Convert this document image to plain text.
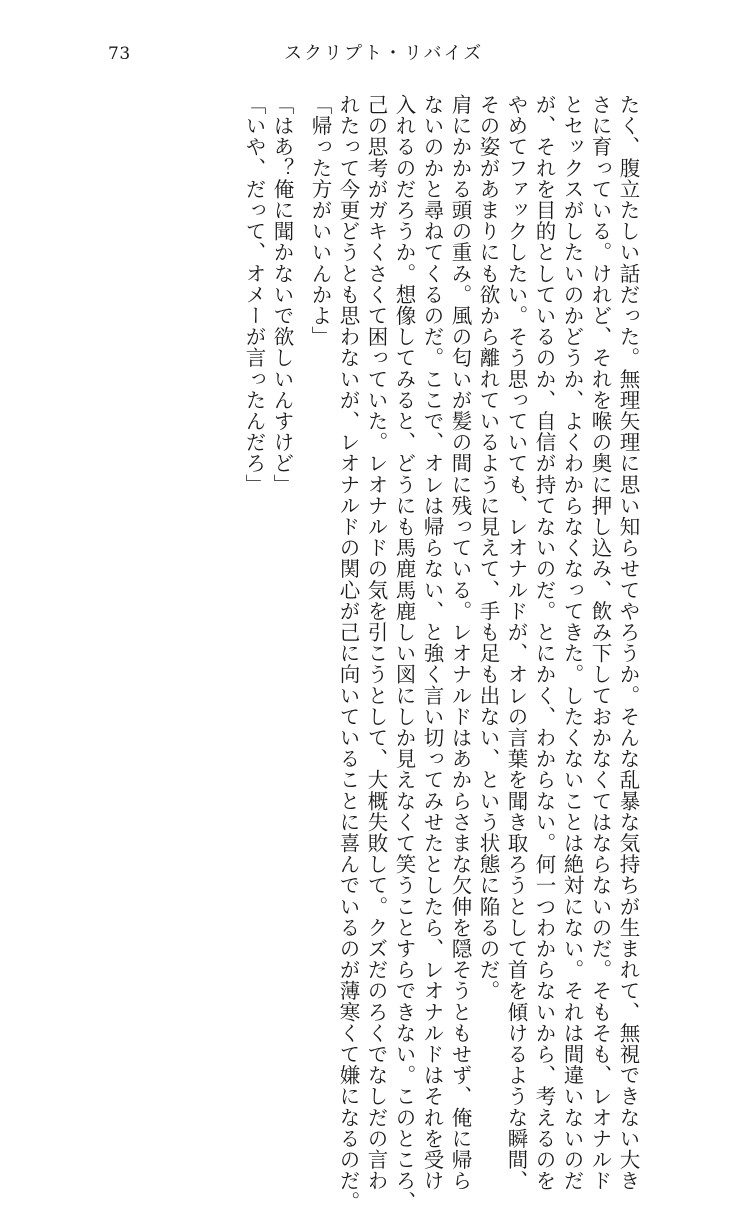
73	スクリプト・リバイズ

たく、腹立たしい話だった。無理矢理に思い知らせてやろうか。そんな乱暴な気持ちが生まれて、無視できない大き

さに育っている。けれど、それを喉の奥に押し込み、飲み下しておかなくてはならないのだ。そもそも、レオナルド

とセックスがしたいのかどうか、よくわからなくなってきた。したくないことは絶対にない。それは間違いないのだ

が、それを目的としているのか、自信が持てないのだ。とにかく、わからない。何一つわからないから、考えるのを

やめてファックしたい。そう思っていても、レオナルドが、オレの言葉を聞き取ろうとして首を傾けるような瞬間、

その姿があまりにも欲から離れているように見えて、手も足も出ない、という状態に陥るのだ。

肩にかかる頭の重み。風の匂いが髪の間に残っている。レオナルドはあからさまな欠伸を隠そうともせず、俺に帰ら

ないのかと尋ねてくるのだ。ここで、オレは帰らない、と強く言い切ってみせたとしたら、レオナルドはそれを受け

入れるのだろうか。想像してみると、どうにも馬鹿馬鹿しい図にしか見えなくて笑うことすらできない。このところ、

己の思考がガキくさくて困っていた。レオナルドの気を引こうとして、大概失敗して。クズだのろくでなしだの言わ

れたって今更どうとも思わないが、レオナルドの関心が己に向いていることに喜んでいるのが薄寒くて嫌になるのだ。

「帰った方がいいんかよ」

「はあ？俺に聞かないで欲しいんすけど」

「いや、だって、オメーが言ったんだろ」
